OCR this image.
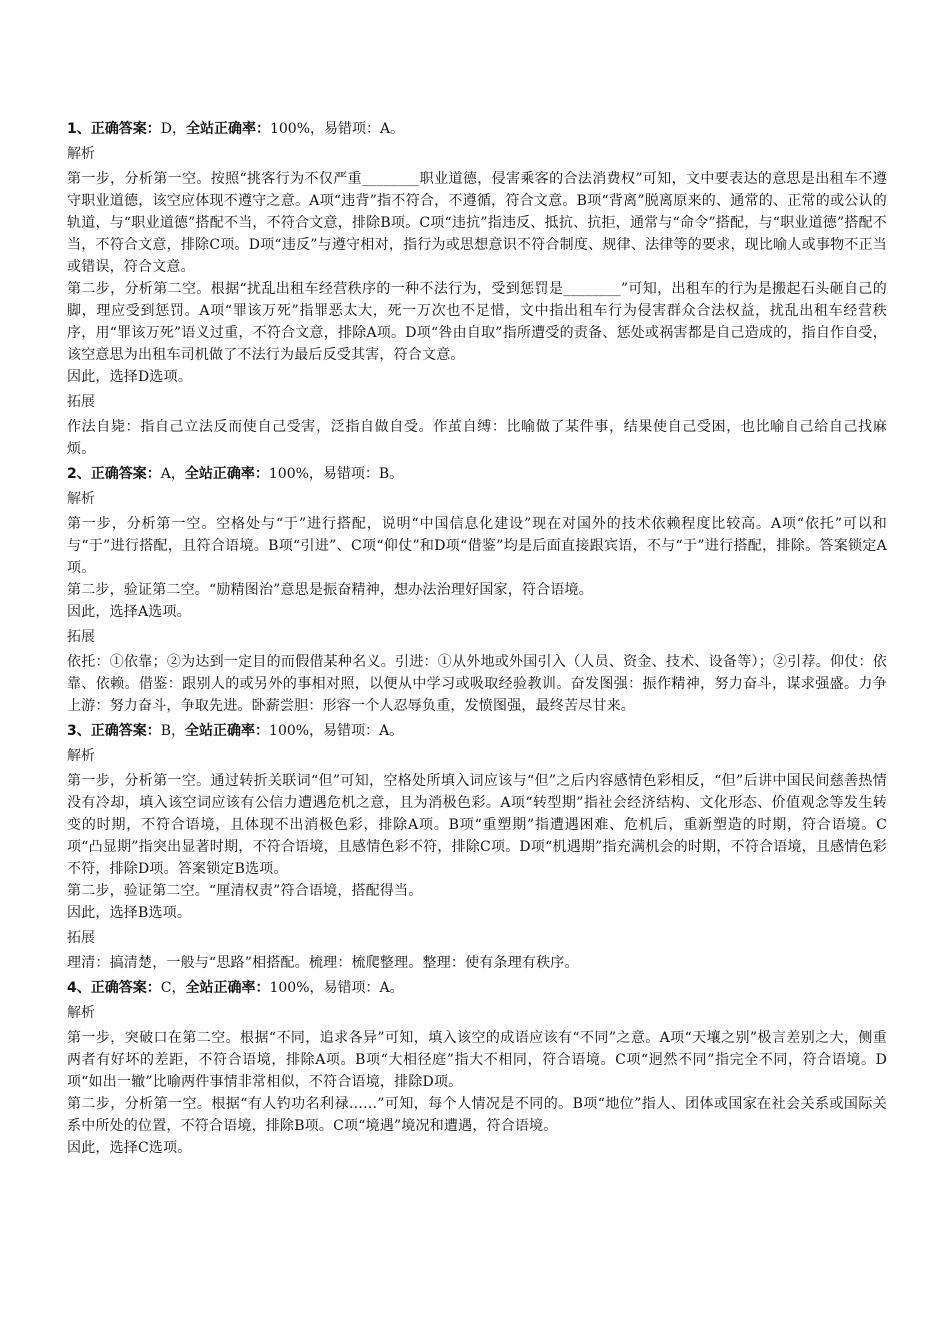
1、正确答案：D，全站正确率：100%，易错项：A。

解析

第一步，分析第一空。按照“挑客行为不仅严重________职业道德，侵害乘客的合法消费权”可知，文中要表达的意思是出租车不遵守职业道德，该空应体现不遵守之意。A项“违背”指不符合，不遵循，符合文意。B项“背离”脱离原来的、通常的、正常的或公认的轨道，与“职业道德”搭配不当，不符合文意，排除B项。C项“违抗”指违反、抵抗、抗拒，通常与“命令”搭配，与“职业道德”搭配不当，不符合文意，排除C项。D项“违反”与遵守相对，指行为或思想意识不符合制度、规律、法律等的要求，现比喻人或事物不正当或错误，符合文意。

第二步，分析第二空。根据“扰乱出租车经营秩序的一种不法行为，受到惩罚是________”可知，出租车的行为是搬起石头砸自己的脚，理应受到惩罚。A项“罪该万死”指罪恶太大，死一万次也不足惜，文中指出租车行为侵害群众合法权益，扰乱出租车经营秩序，用“罪该万死”语义过重，不符合文意，排除A项。D项“咎由自取”指所遭受的责备、惩处或祸害都是自己造成的，指自作自受，该空意思为出租车司机做了不法行为最后反受其害，符合文意。

因此，选择D选项。

拓展

作法自毙：指自己立法反而使自己受害，泛指自做自受。作茧自缚：比喻做了某件事，结果使自己受困，也比喻自己给自己找麻烦。

2、正确答案：A，全站正确率：100%，易错项：B。

解析

第一步，分析第一空。空格处与“于”进行搭配，说明“中国信息化建设”现在对国外的技术依赖程度比较高。A项“依托”可以和与“于”进行搭配，且符合语境。B项“引进”、C项“仰仗”和D项“借鉴”均是后面直接跟宾语，不与“于”进行搭配，排除。答案锁定A项。

第二步，验证第二空。“励精图治”意思是振奋精神，想办法治理好国家，符合语境。

因此，选择A选项。

拓展

依托：①依靠；②为达到一定目的而假借某种名义。引进：①从外地或外国引入（人员、资金、技术、设备等）；②引荐。仰仗：依靠、依赖。借鉴：跟别人的或另外的事相对照，以便从中学习或吸取经验教训。奋发图强：振作精神，努力奋斗，谋求强盛。力争上游：努力奋斗，争取先进。卧薪尝胆：形容一个人忍辱负重，发愤图强，最终苦尽甘来。

3、正确答案：B，全站正确率：100%，易错项：A。

解析

第一步，分析第一空。通过转折关联词“但”可知，空格处所填入词应该与“但”之后内容感情色彩相反，“但”后讲中国民间慈善热情没有冷却，填入该空词应该有公信力遭遇危机之意，且为消极色彩。A项“转型期”指社会经济结构、文化形态、价值观念等发生转变的时期，不符合语境，且体现不出消极色彩，排除A项。B项“重塑期”指遭遇困难、危机后，重新塑造的时期，符合语境。C项“凸显期”指突出显著时期，不符合语境，且感情色彩不符，排除C项。D项“机遇期”指充满机会的时期，不符合语境，且感情色彩不符，排除D项。答案锁定B选项。

第二步，验证第二空。“厘清权责”符合语境，搭配得当。

因此，选择B选项。

拓展

理清：搞清楚，一般与“思路”相搭配。梳理：梳爬整理。整理：使有条理有秩序。

4、正确答案：C，全站正确率：100%，易错项：A。

解析

第一步，突破口在第二空。根据“不同，追求各异”可知，填入该空的成语应该有“不同”之意。A项“天壤之别”极言差别之大，侧重两者有好坏的差距，不符合语境，排除A项。B项“大相径庭”指大不相同，符合语境。C项“迥然不同”指完全不同，符合语境。D项“如出一辙”比喻两件事情非常相似，不符合语境，排除D项。

第二步，分析第一空。根据“有人钓功名利禄……”可知，每个人情况是不同的。B项“地位”指人、团体或国家在社会关系或国际关系中所处的位置，不符合语境，排除B项。C项“境遇”境况和遭遇，符合语境。

因此，选择C选项。
